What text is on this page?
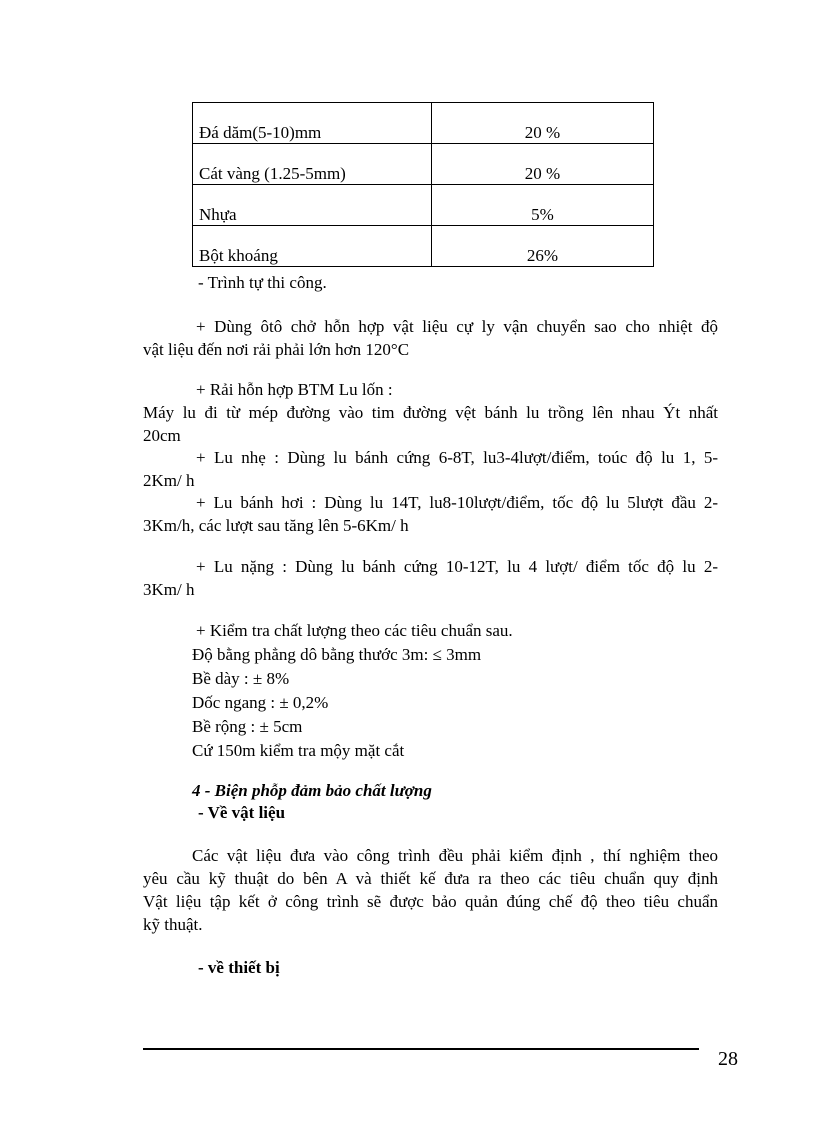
Đá dăm(5-10)mm	20 %
Cát vàng (1.25-5mm)	20 %
Nhựa	5%
Bột khoáng	26%
- Trình tự thi công.
+ Dùng ôtô chở hỗn hợp vật liệu cự ly vận chuyển sao cho nhiệt độ
vật liệu đến nơi rải phải lớn hơn 120°C
+ Rải hỗn hợp BTM Lu lốn :
Máy lu đi từ mép đường vào tim đường vệt bánh lu trồng lên nhau Ýt nhất
20cm
+ Lu nhẹ : Dùng lu bánh cứng 6-8T, lu3-4lượt/điểm, toúc độ lu 1, 5-
2Km/ h
+ Lu bánh hơi : Dùng lu 14T, lu8-10lượt/điểm, tốc độ lu 5lượt đầu 2-
3Km/h, các lượt sau tăng lên 5-6Km/ h
+ Lu nặng : Dùng lu bánh cứng 10-12T, lu 4 lượt/ điểm tốc độ lu 2-
3Km/ h
+ Kiểm tra chất lượng theo các tiêu chuẩn sau.
Độ bằng phẳng dô bằng thước 3m: ≤ 3mm
Bề dày : ± 8%
Dốc ngang : ± 0,2%
Bề rộng : ± 5cm
Cứ 150m kiểm tra mộy mặt cắt
4 - Biện phỗp đảm bảo chất lượng
- Về vật liệu
Các vật liệu đưa vào công trình đều phải kiểm định , thí nghiệm theo
yêu cầu kỹ thuật do bên A và thiết kế đưa ra theo các tiêu chuẩn quy định
Vật liệu tập kết ở công trình sẽ được bảo quản đúng chế độ theo tiêu chuẩn
kỹ thuật.
- về thiết bị
28
